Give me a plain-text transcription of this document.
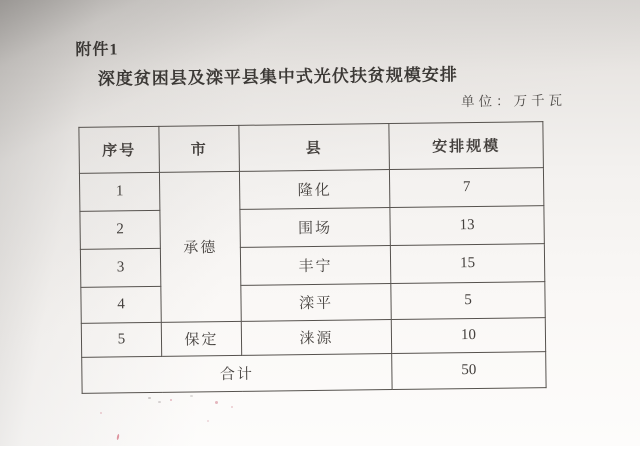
附件1
深度贫困县及滦平县集中式光伏扶贫规模安排
单位：万千瓦
序号	市	县	安排规模
1	承德	隆化	7
2		围场	13
3		丰宁	15
4		滦平	5
5	保定	涞源	10
合计			50
